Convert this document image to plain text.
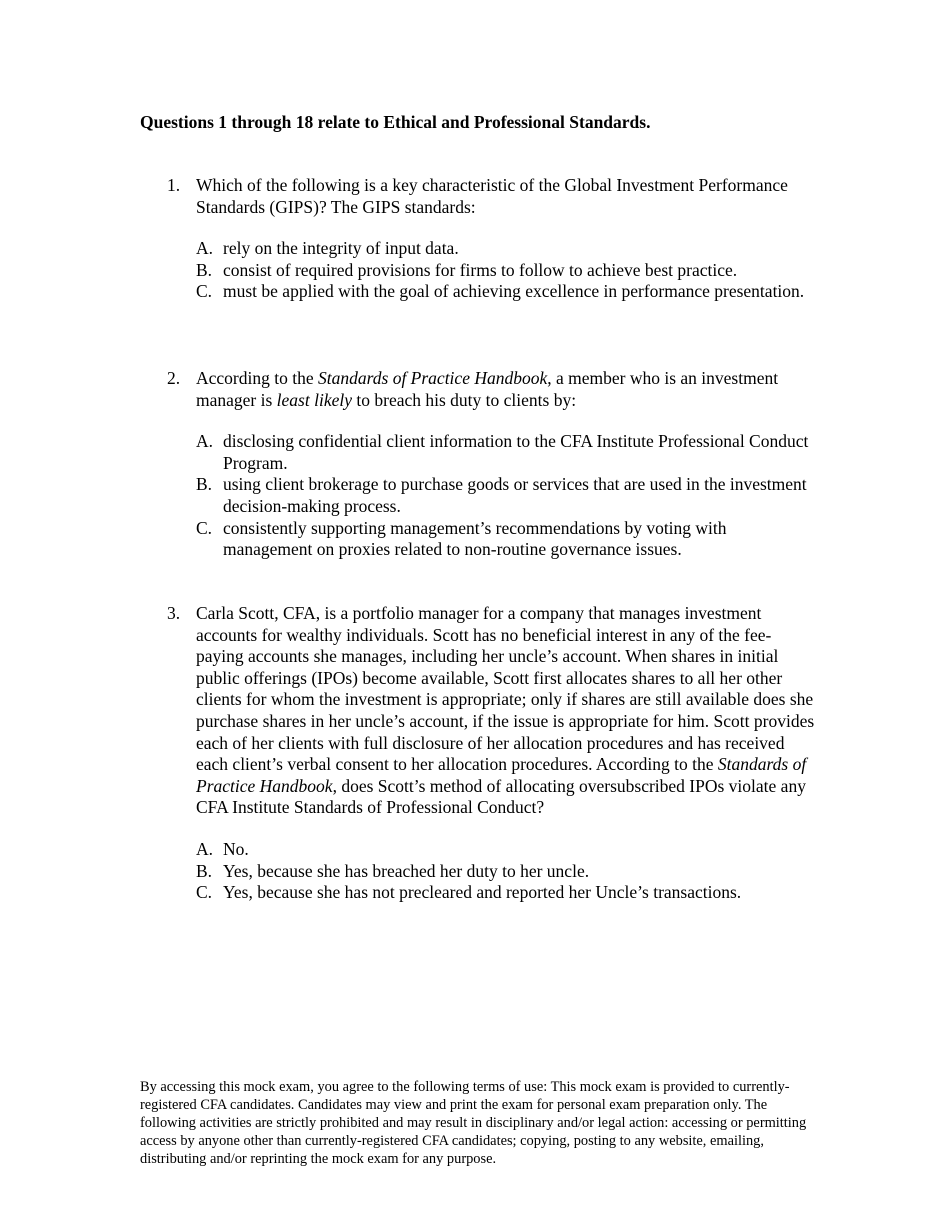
Questions 1 through 18 relate to Ethical and Professional Standards.
1. Which of the following is a key characteristic of the Global Investment Performance Standards (GIPS)? The GIPS standards:
A. rely on the integrity of input data.
B. consist of required provisions for firms to follow to achieve best practice.
C. must be applied with the goal of achieving excellence in performance presentation.
2. According to the Standards of Practice Handbook, a member who is an investment manager is least likely to breach his duty to clients by:
A. disclosing confidential client information to the CFA Institute Professional Conduct Program.
B. using client brokerage to purchase goods or services that are used in the investment decision-making process.
C. consistently supporting management’s recommendations by voting with management on proxies related to non-routine governance issues.
3. Carla Scott, CFA, is a portfolio manager for a company that manages investment accounts for wealthy individuals. Scott has no beneficial interest in any of the fee-paying accounts she manages, including her uncle’s account. When shares in initial public offerings (IPOs) become available, Scott first allocates shares to all her other clients for whom the investment is appropriate; only if shares are still available does she purchase shares in her uncle’s account, if the issue is appropriate for him. Scott provides each of her clients with full disclosure of her allocation procedures and has received each client’s verbal consent to her allocation procedures. According to the Standards of Practice Handbook, does Scott’s method of allocating oversubscribed IPOs violate any CFA Institute Standards of Professional Conduct?
A. No.
B. Yes, because she has breached her duty to her uncle.
C. Yes, because she has not precleared and reported her Uncle’s transactions.

By accessing this mock exam, you agree to the following terms of use: This mock exam is provided to currently-registered CFA candidates. Candidates may view and print the exam for personal exam preparation only. The following activities are strictly prohibited and may result in disciplinary and/or legal action: accessing or permitting access by anyone other than currently-registered CFA candidates; copying, posting to any website, emailing, distributing and/or reprinting the mock exam for any purpose.
